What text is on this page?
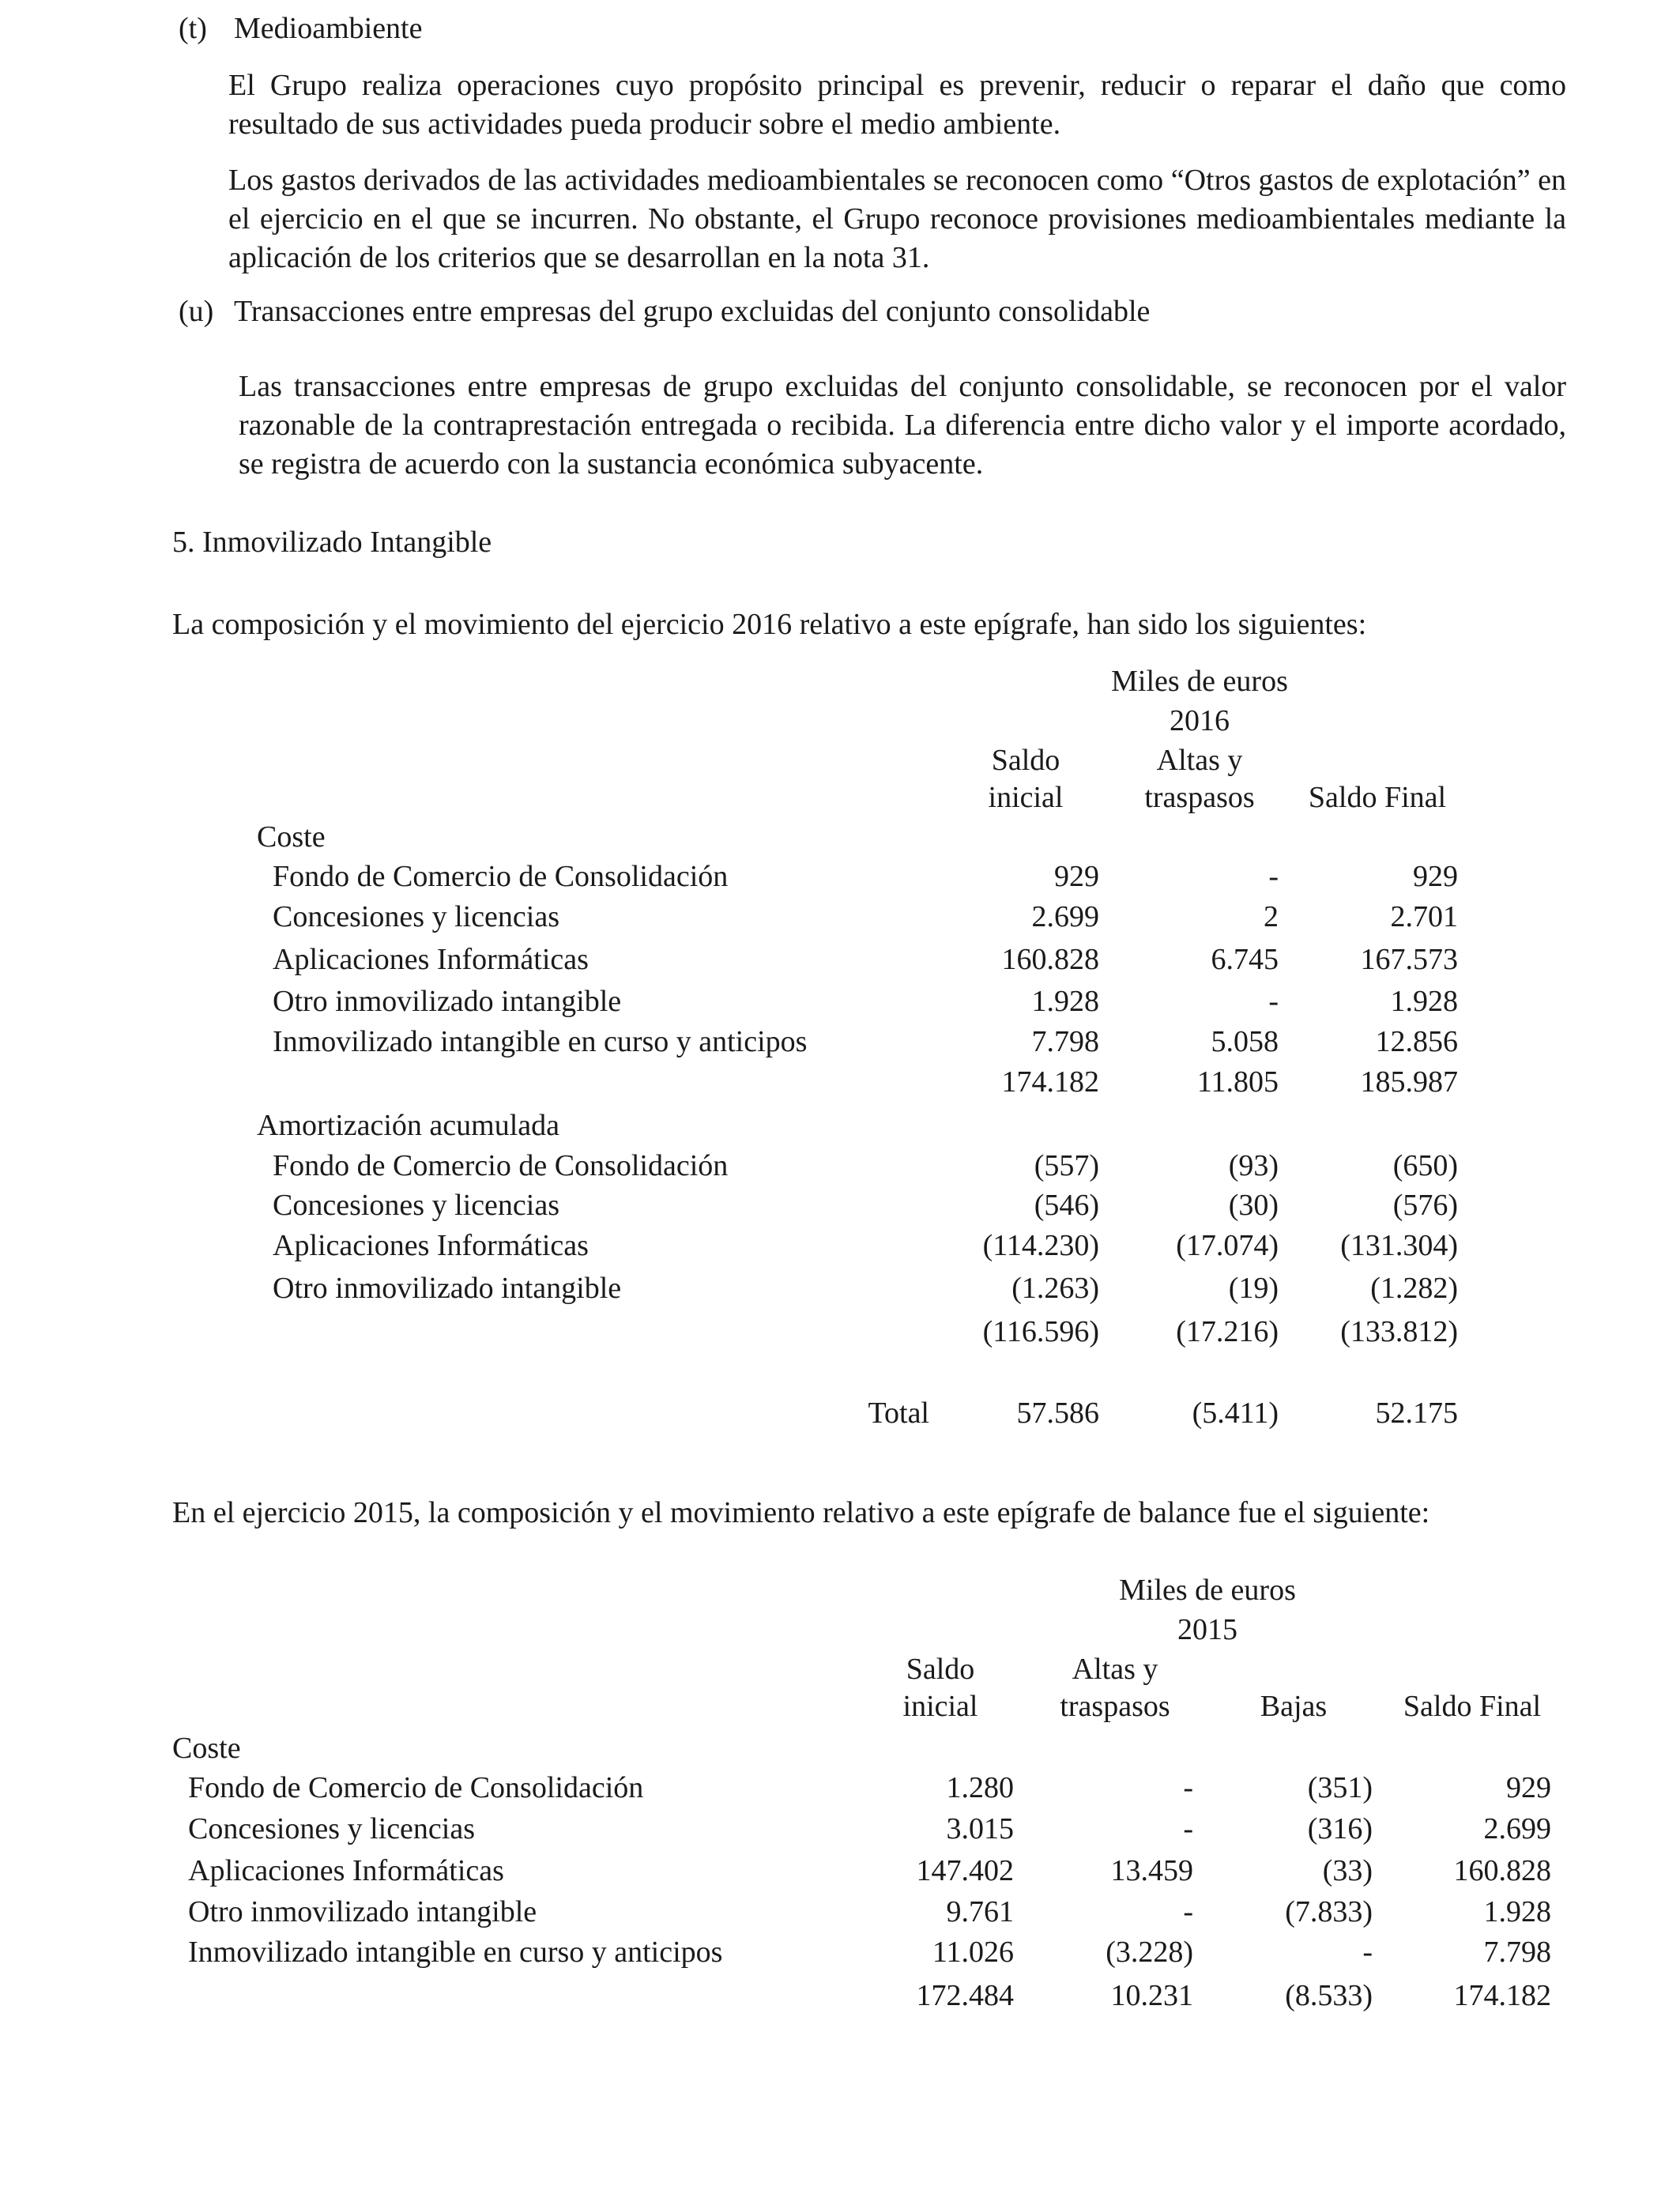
(t) Medioambiente
El Grupo realiza operaciones cuyo propósito principal es prevenir, reducir o reparar el daño que como resultado de sus actividades pueda producir sobre el medio ambiente.
Los gastos derivados de las actividades medioambientales se reconocen como “Otros gastos de explotación” en el ejercicio en el que se incurren. No obstante, el Grupo reconoce provisiones medioambientales mediante la aplicación de los criterios que se desarrollan en la nota 31.
(u) Transacciones entre empresas del grupo excluidas del conjunto consolidable
Las transacciones entre empresas de grupo excluidas del conjunto consolidable, se reconocen por el valor razonable de la contraprestación entregada o recibida. La diferencia entre dicho valor y el importe acordado, se registra de acuerdo con la sustancia económica subyacente.
5. Inmovilizado Intangible
La composición y el movimiento del ejercicio 2016 relativo a este epígrafe, han sido los siguientes:
Miles de euros
2016
Saldo
inicial
Altas y
traspasos	Saldo Final
Coste
Fondo de Comercio de Consolidación	929	-	929
Concesiones y licencias	2.699	2	2.701
Aplicaciones Informáticas	160.828	6.745	167.573
Otro inmovilizado intangible	1.928	-	1.928
Inmovilizado intangible en curso y anticipos	7.798	5.058	12.856
174.182	11.805	185.987
Amortización acumulada
Fondo de Comercio de Consolidación	(557)	(93)	(650)
Concesiones y licencias	(546)	(30)	(576)
Aplicaciones Informáticas	(114.230)	(17.074) (131.304)
Otro inmovilizado intangible	(1.263)	(19)	(1.282)
(116.596)	(17.216) (133.812)
Total	57.586	(5.411)	52.175
En el ejercicio 2015, la composición y el movimiento relativo a este epígrafe de balance fue el siguiente:
Miles de euros
2015
Saldo
inicial
Altas y
traspasos	Bajas	Saldo Final
Coste
Fondo de Comercio de Consolidación	1.280	-	(351)	929
Concesiones y licencias	3.015	-	(316)	2.699
Aplicaciones Informáticas	147.402	13.459	(33)	160.828
Otro inmovilizado intangible	9.761	-	(7.833)	1.928
Inmovilizado intangible en curso y anticipos	11.026	(3.228)	-	7.798
172.484	10.231	(8.533)	174.182
